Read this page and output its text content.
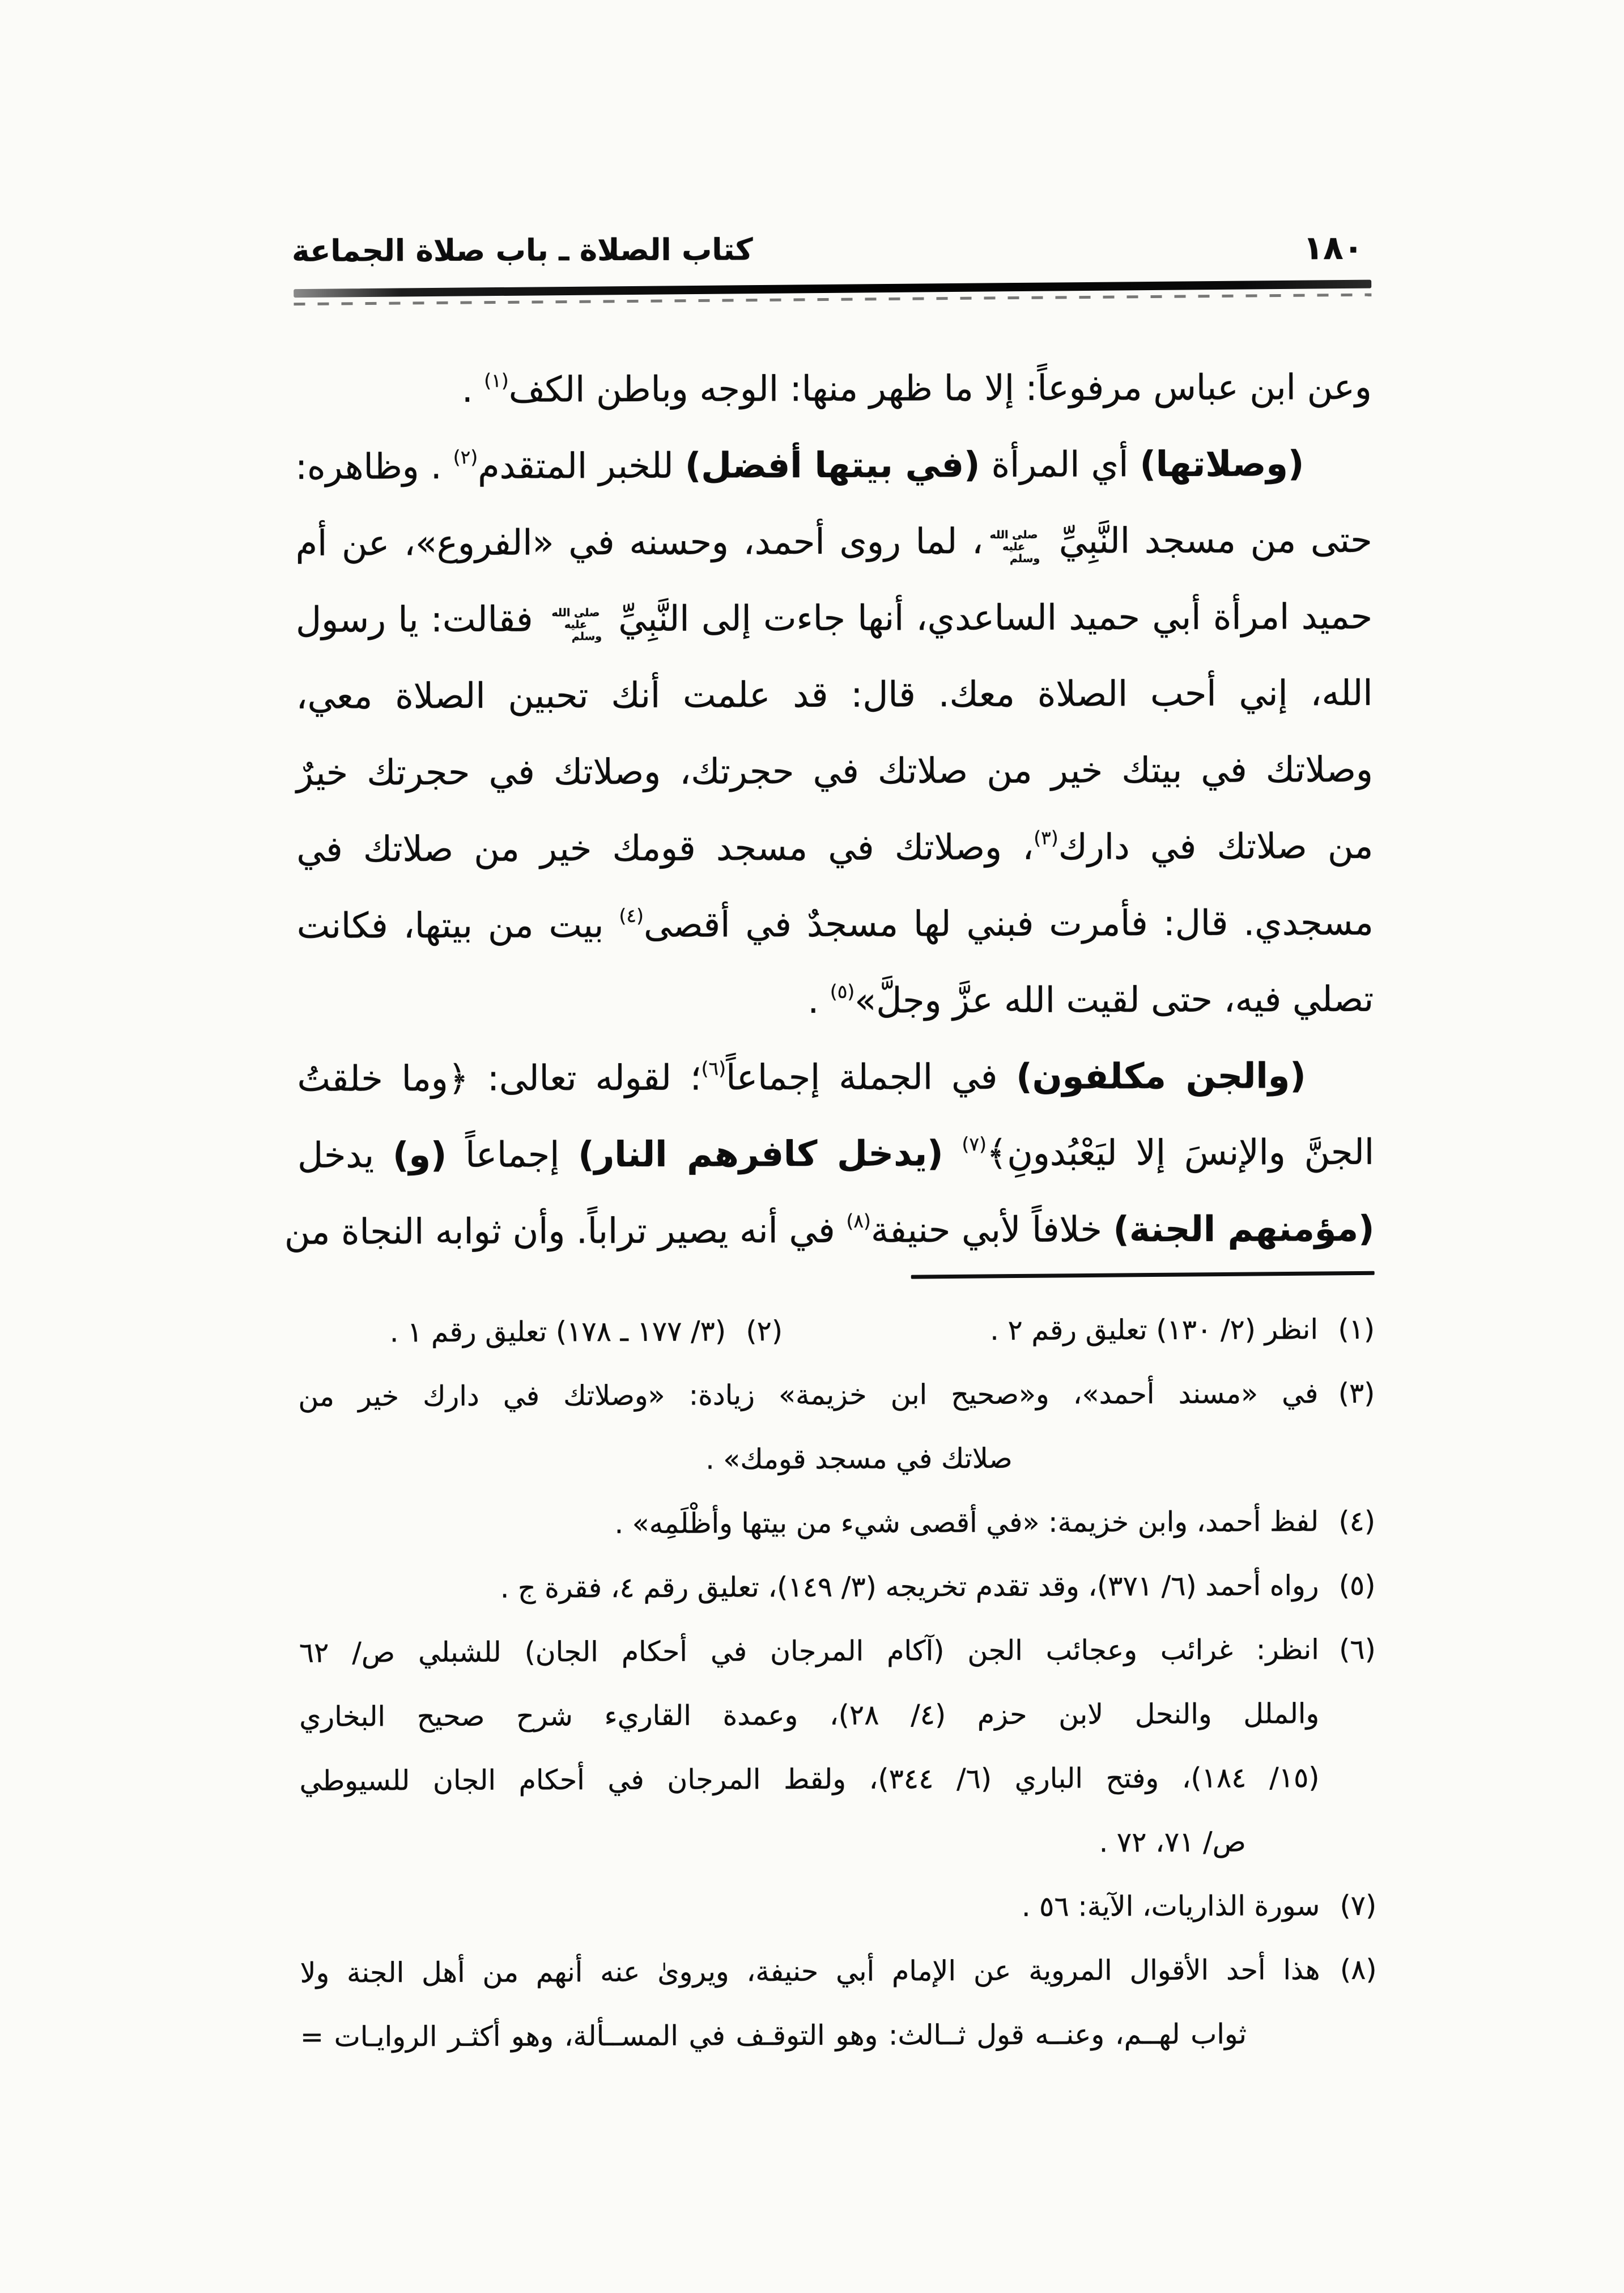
كتاب الصلاة ـ باب صلاة الجماعة	١٨٠
وعن ابن عباس مرفوعاً: إلا ما ظهر منها: الوجه وباطن الكف$^{(١)}$ .
(وصلاتها) أي المرأة (في بيتها أفضل) للخبر المتقدم$^{(٢)}$ . وظاهره:
حتى من مسجد النَّبِيِّ صلى الله عليه وسلم، لما روى أحمد، وحسنه في «الفروع»، عن أم
حميد امرأة أبي حميد الساعدي، أنها جاءت إلى النَّبِيِّ صلى الله عليه وسلم فقالت: يا رسول
الله، إني أحب الصلاة معك. قال: قد علمت أنك تحبين الصلاة معي،
وصلاتك في بيتك خير من صلاتك في حجرتك، وصلاتك في حجرتك خيرٌ
من صلاتك في دارك$^{(٣)}$، وصلاتك في مسجد قومك خير من صلاتك في
مسجدي. قال: فأمرت فبني لها مسجدٌ في أقصى$^{(٤)}$ بيت من بيتها، فكانت
تصلي فيه، حتى لقيت الله عزَّ وجلَّ»$^{(٥)}$ .
(والجن مكلفون) في الجملة إجماعاً$^{(٦)}$؛ لقوله تعالى: ﴿وما خلقتُ
الجنَّ والإنسَ إلا ليَعْبُدونِ﴾$^{(٧)}$ (يدخل كافرهم النار) إجماعاً (و) يدخل
(مؤمنهم الجنة) خلافاً لأبي حنيفة$^{(٨)}$ في أنه يصير تراباً. وأن ثوابه النجاة من
(١)
انظر (٢/ ١٣٠) تعليق رقم ٢ .
(٢)
(٣/ ١٧٧ ـ ١٧٨) تعليق رقم ١ .
(٣)
في «مسند أحمد»، و«صحيح ابن خزيمة» زيادة: «وصلاتك في دارك خير من
صلاتك في مسجد قومك» .
(٤)
لفظ أحمد، وابن خزيمة: «في أقصى شيء من بيتها وأظْلَمِه» .
(٥)
رواه أحمد (٦/ ٣٧١)، وقد تقدم تخريجه (٣/ ١٤٩)، تعليق رقم ٤، فقرة ج .
(٦)
انظر: غرائب وعجائب الجن (آكام المرجان في أحكام الجان) للشبلي ص/ ٦٢
والملل والنحل لابن حزم (٤/ ٢٨)، وعمدة القاريء شرح صحيح البخاري
(١٥/ ١٨٤)، وفتح الباري (٦/ ٣٤٤)، ولقط المرجان في أحكام الجان للسيوطي
ص/ ٧١، ٧٢ .
(٧)
سورة الذاريات، الآية: ٥٦ .
(٨)
هذا أحد الأقوال المروية عن الإمام أبي حنيفة، ويروىٰ عنه أنهم من أهل الجنة ولا
ثواب لهــم، وعنــه قول ثــالث: وهو التوقـف في المســألة، وهو أكثـر الروايـات =
